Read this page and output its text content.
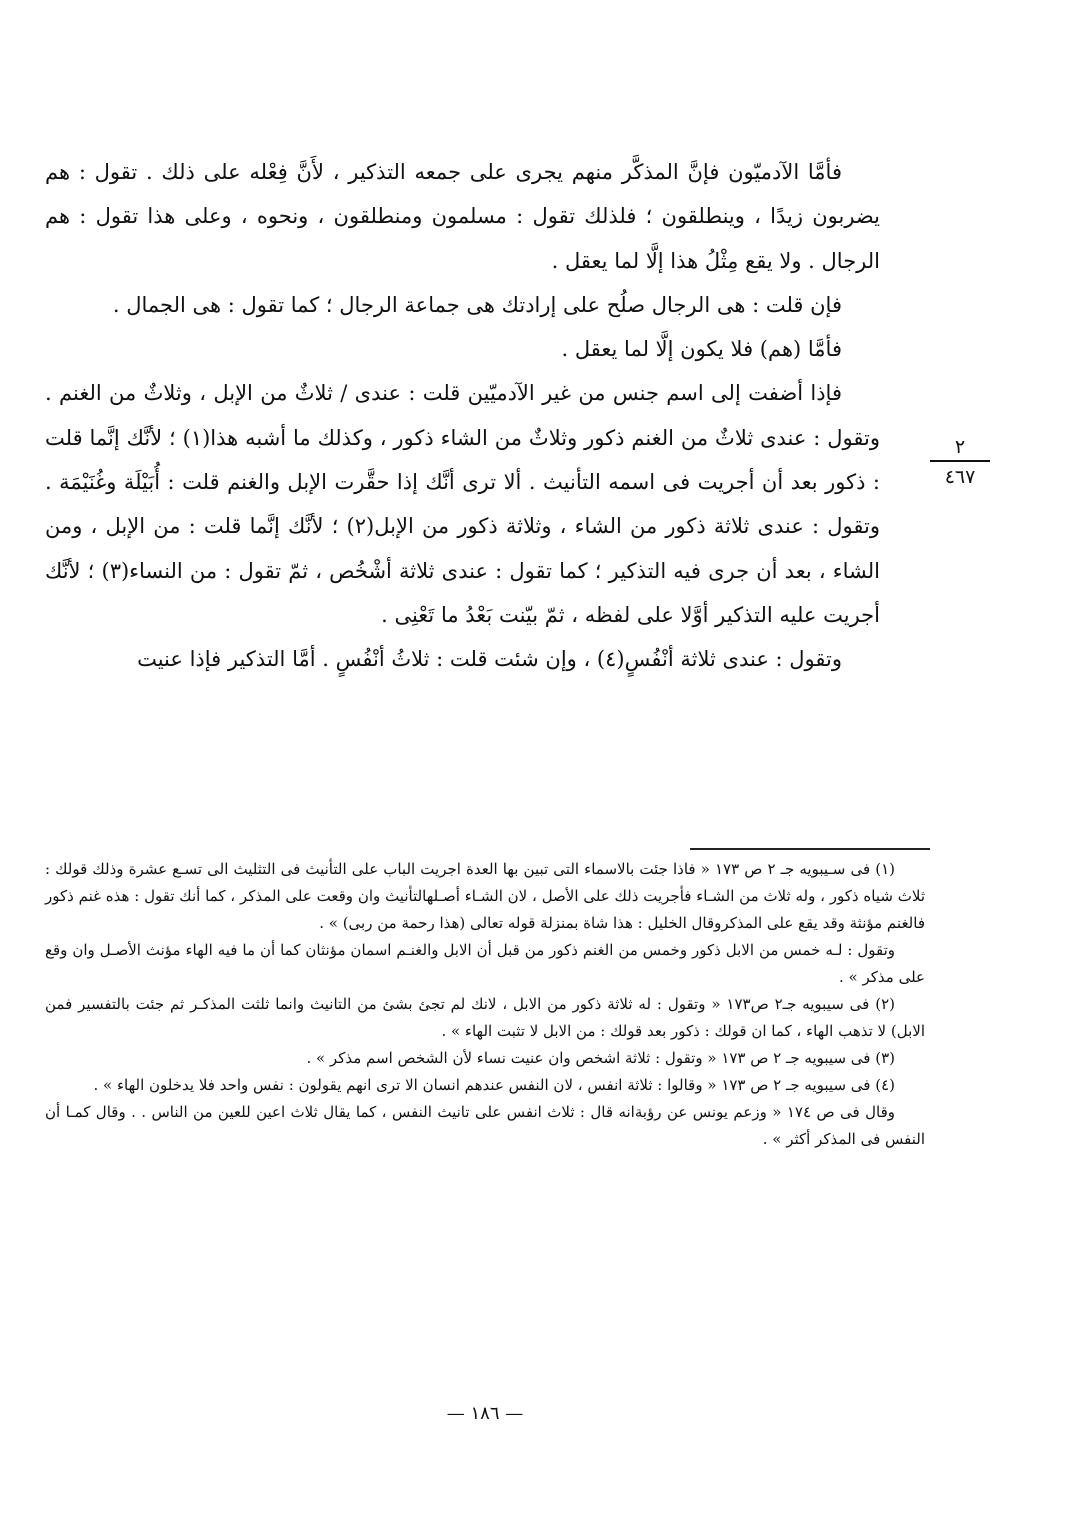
٢
٤٦٧

فأمَّا الآدميّون فإنَّ المذكَّر منهم يجرى على جمعه التذكير ، لأَنَّ فِعْله على ذلك . تقول : هم يضربون زيدًا ، وينطلقون ؛ فلذلك تقول : مسلمون ومنطلقون ، ونحوه ، وعلى هذا تقول : هم الرجال . ولا يقع مِثْلُ هذا إلَّا لما يعقل .

فإن قلت : هى الرجال صلُح على إرادتك هى جماعة الرجال ؛ كما تقول : هى الجمال .

فأمَّا (هم) فلا يكون إلَّا لما يعقل .

فإذا أضفت إلى اسم جنس من غير الآدميّين قلت : عندى / ثلاثٌ من الإبل ، وثلاثٌ من الغنم . وتقول : عندى ثلاثٌ من الغنم ذكور وثلاثٌ من الشاء ذكور ، وكذلك ما أشبه هذا(١) ؛ لأنَّك إنَّما قلت : ذكور بعد أن أجريت فى اسمه التأنيث . ألا ترى أنَّك إذا حقَّرت الإبل والغنم قلت : أُبَيْلَة وغُنَيْمَة . وتقول : عندى ثلاثة ذكور من الشاء ، وثلاثة ذكور من الإبل(٢) ؛ لأنَّك إنَّما قلت : من الإبل ، ومن الشاء ، بعد أن جرى فيه التذكير ؛ كما تقول : عندى ثلاثة أشْخُص ، ثمّ تقول : من النساء(٣) ؛ لأنَّك أجريت عليه التذكير أوَّلا على لفظه ، ثمّ بيّنت بَعْدُ ما تَعْنِى .

وتقول : عندى ثلاثة أنْفُسٍ(٤) ، وإن شئت قلت : ثلاثُ أنْفُسٍ . أمَّا التذكير فإذا عنيت

(١) فى سـيبويه جـ ٢ ص ١٧٣ « فاذا جئت بالاسماء التى تبين بها العدة اجريت الباب على التأنيث فى التثليث الى تسـع عشرة وذلك قولك : ثلاث شياه ذكور ، وله ثلاث من الشـاء فأجريت ذلك على الأصل ، لان الشـاء أصـلهالتأنيث وان وقعت على المذكر ، كما أنك تقول : هذه غنم ذكور فالغنم مؤنثة وقد يقع على المذكروقال الخليل : هذا شاة بمنزلة قوله تعالى (هذا رحمة من ربى) » .

وتقول : لـه خمس من الابل ذكور وخمس من الغنم ذكور من قبل أن الابل والغنـم اسمان مؤنثان كما أن ما فيه الهاء مؤنث الأصـل وان وقع على مذكر » .

(٢) فى سيبويه جـ٢ ص١٧٣ « وتقول : له ثلاثة ذكور من الابل ، لانك لم تجئ بشئ من التانيث وانما ثلثت المذكـر ثم جئت بالتفسير فمن الابل) لا تذهب الهاء ، كما ان قولك : ذكور بعد قولك : من الابل لا تثبت الهاء » .

(٣) فى سيبويه جـ ٢ ص ١٧٣ « وتقول : ثلاثة اشخص وان عنيت نساء لأن الشخص اسم مذكر » .

(٤) فى سيبويه جـ ٢ ص ١٧٣ « وقالوا : ثلاثة انفس ، لان النفس عندهم انسان الا ترى انهم يقولون : نفس واحد فلا يدخلون الهاء » .

وقال فى ص ١٧٤ « وزعم يونس عن رؤبةانه قال : ثلاث انفس على تانيث النفس ، كما يقال ثلاث اعين للعين من الناس . . وقال كمـا أن النفس فى المذكر أكثر » .

— ١٨٦ —
